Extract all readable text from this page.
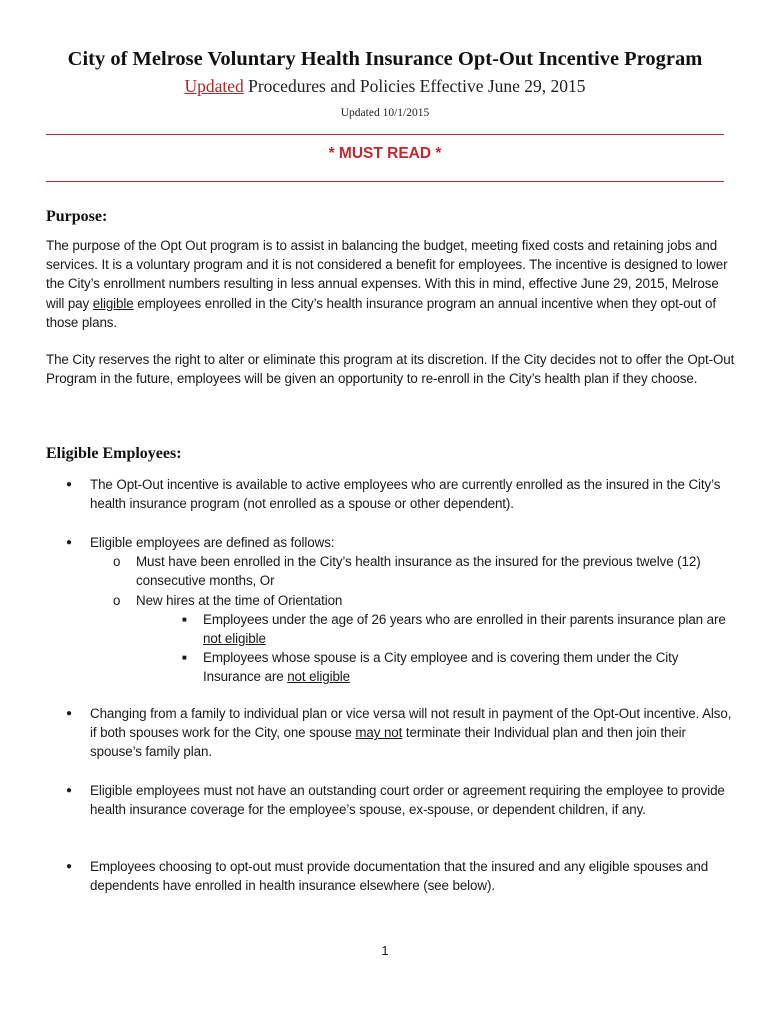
City of Melrose Voluntary Health Insurance Opt-Out Incentive Program
Updated Procedures and Policies Effective June 29, 2015
Updated 10/1/2015
* MUST READ *
Purpose:

The purpose of the Opt Out program is to assist in balancing the budget, meeting fixed costs and retaining jobs and services. It is a voluntary program and it is not considered a benefit for employees. The incentive is designed to lower the City’s enrollment numbers resulting in less annual expenses. With this in mind, effective June 29, 2015, Melrose will pay eligible employees enrolled in the City’s health insurance program an annual incentive when they opt-out of those plans.

The City reserves the right to alter or eliminate this program at its discretion. If the City decides not to offer the Opt-Out Program in the future, employees will be given an opportunity to re-enroll in the City’s health plan if they choose.

Eligible Employees:
● The Opt-Out incentive is available to active employees who are currently enrolled as the insured in the City’s health insurance program (not enrolled as a spouse or other dependent).
● Eligible employees are defined as follows:
o Must have been enrolled in the City’s health insurance as the insured for the previous twelve (12) consecutive months, Or
o New hires at the time of Orientation
■ Employees under the age of 26 years who are enrolled in their parents insurance plan are not eligible
■ Employees whose spouse is a City employee and is covering them under the City Insurance are not eligible
● Changing from a family to individual plan or vice versa will not result in payment of the Opt-Out incentive. Also, if both spouses work for the City, one spouse may not terminate their Individual plan and then join their spouse’s family plan.
● Eligible employees must not have an outstanding court order or agreement requiring the employee to provide health insurance coverage for the employee’s spouse, ex-spouse, or dependent children, if any.
● Employees choosing to opt-out must provide documentation that the insured and any eligible spouses and dependents have enrolled in health insurance elsewhere (see below).
1
